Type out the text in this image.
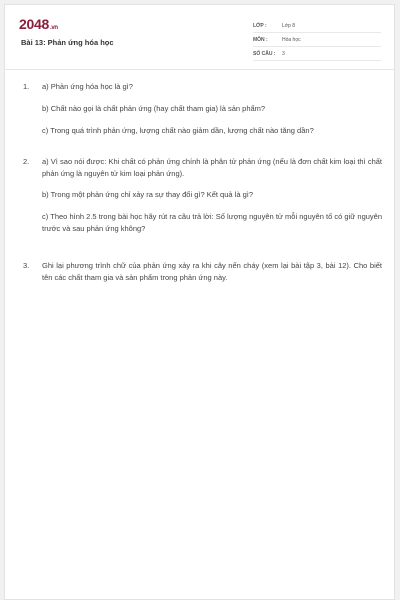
2048.vn
Bài 13: Phản ứng hóa học
LỚP :	Lớp 8
MÔN :	Hóa học
SỐ CÂU : 3
1. a) Phản ứng hóa học là gì?
b) Chất nào gọi là chất phản ứng (hay chất tham gia) là sản phẩm?
c) Trong quá trình phản ứng, lượng chất nào giảm dần, lượng chất nào tăng dần?
2. a) Vì sao nói được: Khi chất có phản ứng chính là phân tử phản ứng (nếu là đơn chất kim loại thì chất phản ứng là nguyên tử kim loại phản ứng).
b) Trong một phản ứng chỉ xảy ra sự thay đổi gì? Kết quả là gì?
c) Theo hình 2.5 trong bài học hãy rút ra câu trả lời: Số lượng nguyên tử mỗi nguyên tố có giữ nguyên trước và sau phản ứng không?
3. Ghi lại phương trình chữ của phản ứng xảy ra khi cây nến cháy (xem lại bài tập 3, bài 12). Cho biết tên các chất tham gia và sản phẩm trong phản ứng này.
